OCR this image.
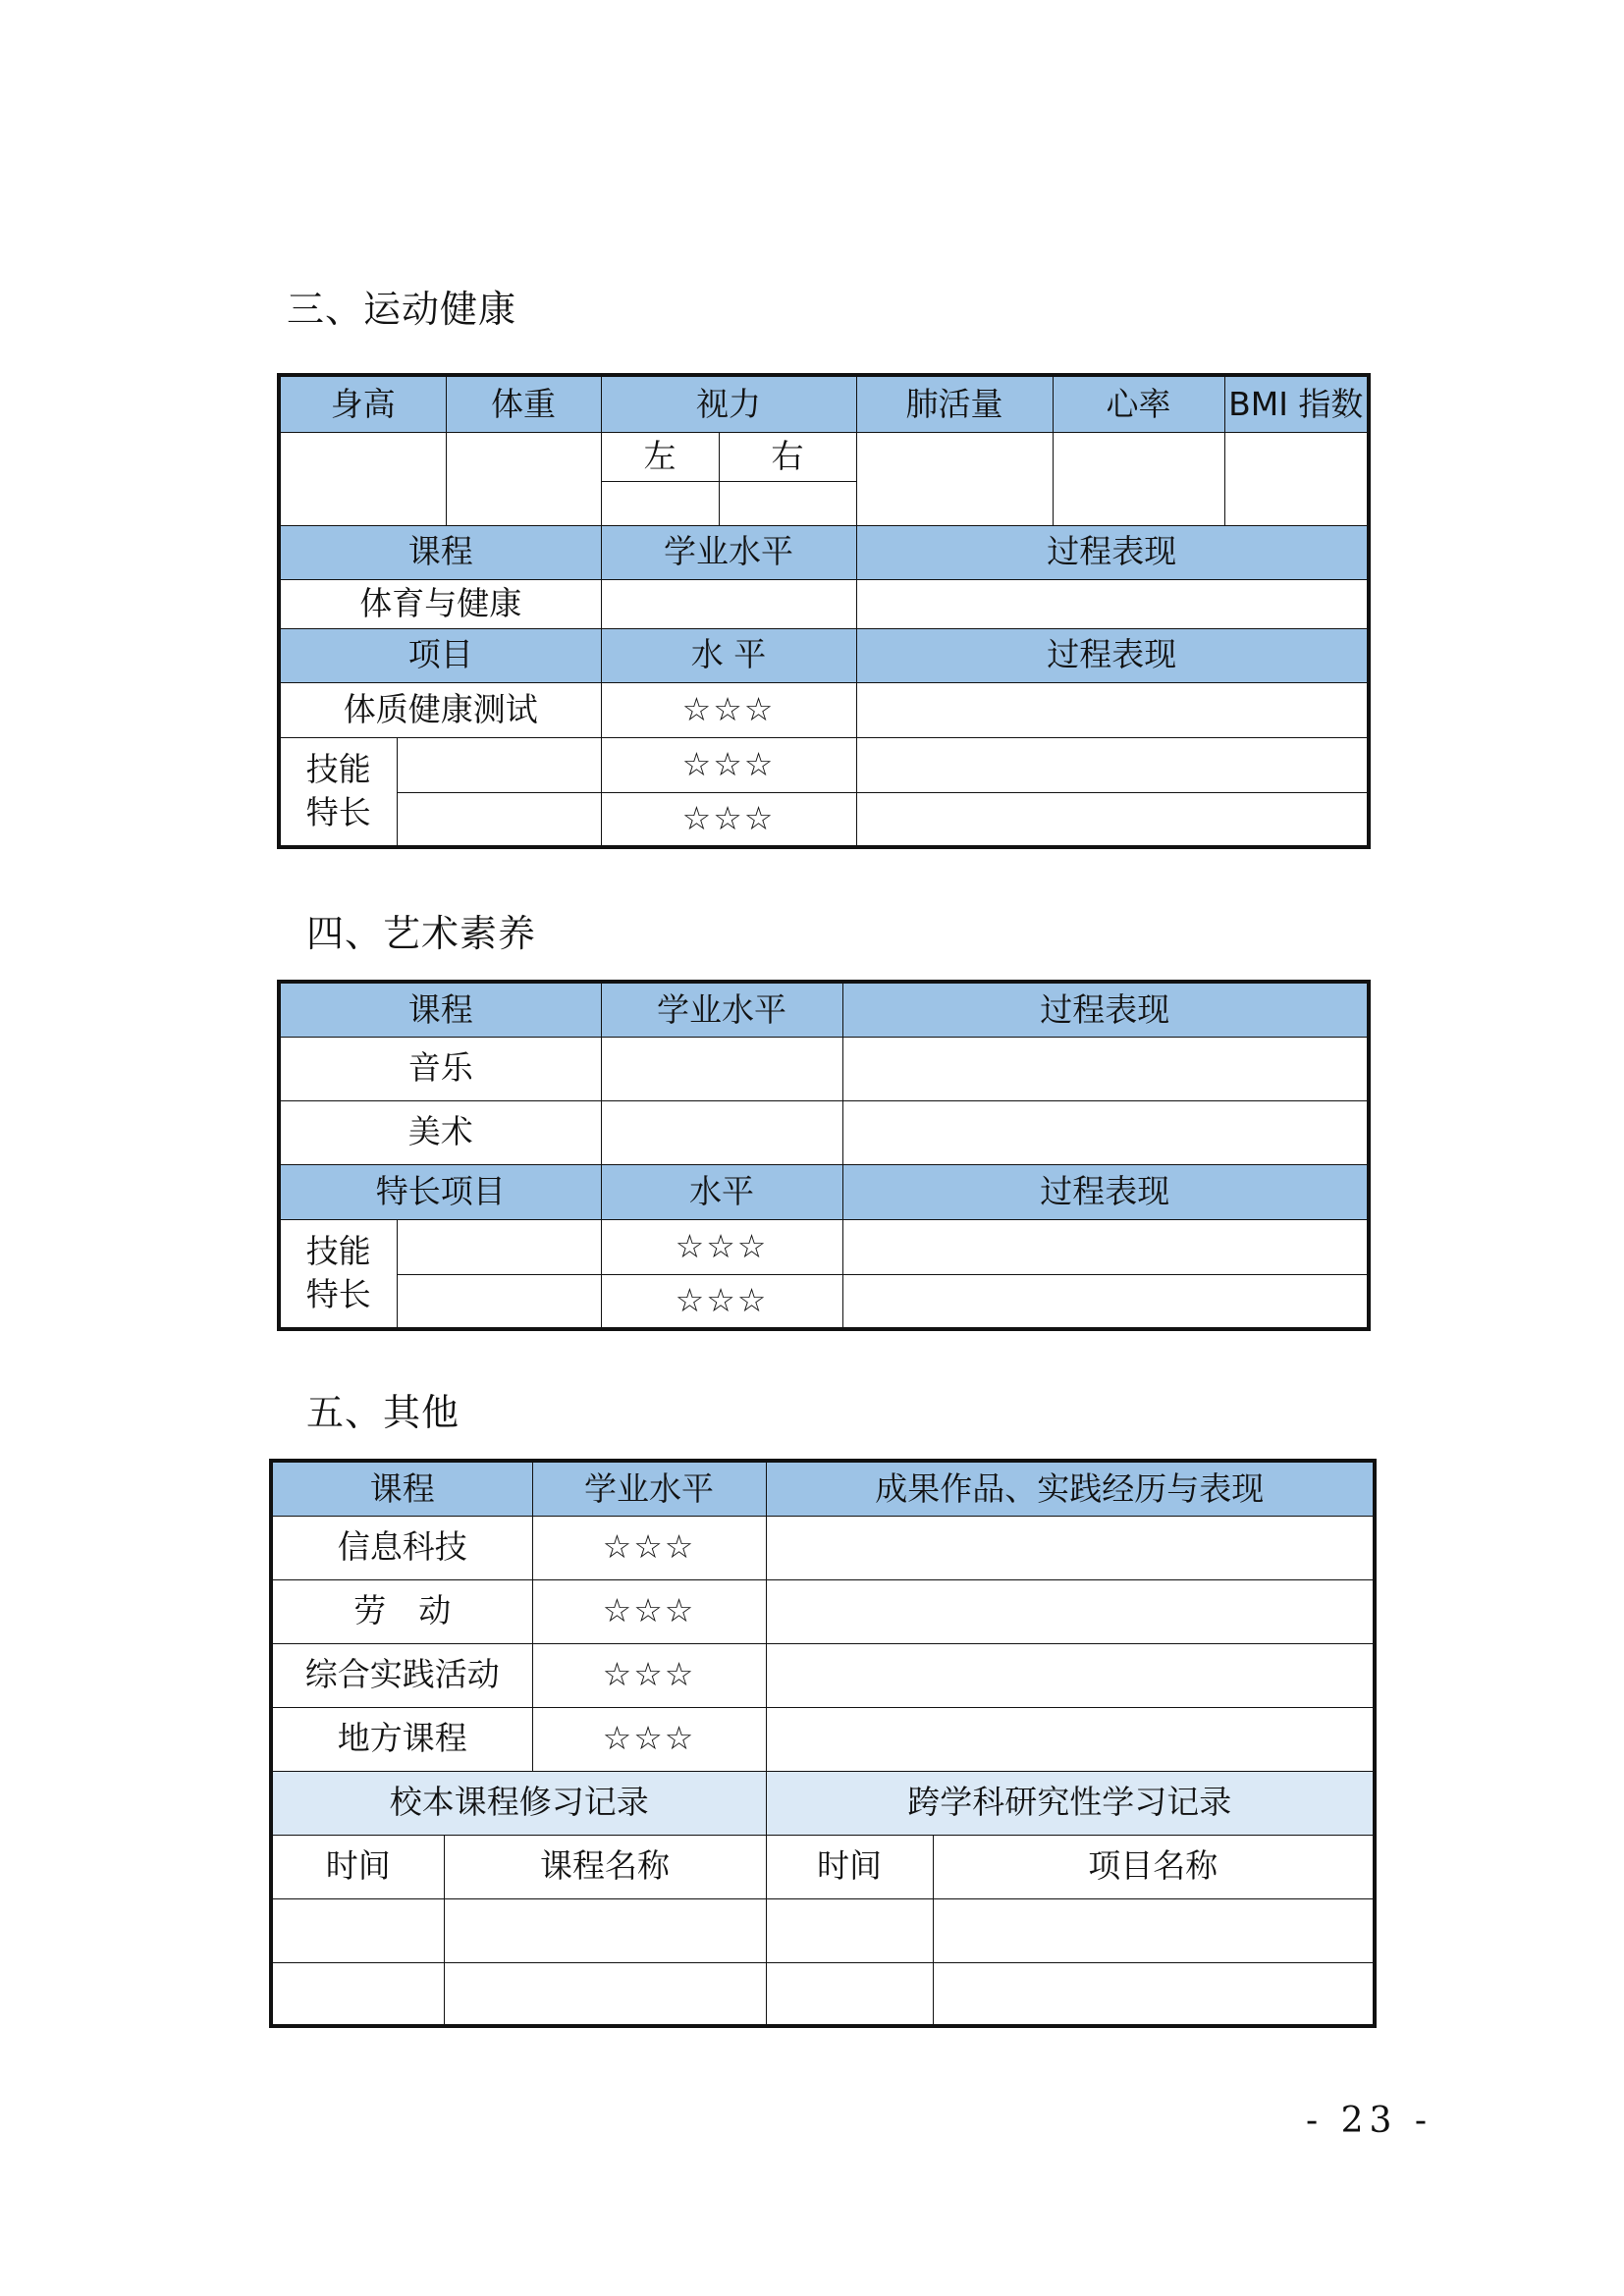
三、运动健康
身高		体重	视力		肺活量	心率	BMI 指数
			左	右			

课程			学业水平		过程表现		
体育与健康							
项目			水 平		过程表现		
体质健康测试			☆☆☆				

技能
特长			☆☆☆				
			☆☆☆				
四、艺术素养
课程		学业水平	过程表现
音乐			
美术			
特长项目		水平	过程表现

技能
特长		☆☆☆	
		☆☆☆	
五、其他
课程		学业水平	成果作品、实践经历与表现	
信息科技		☆☆☆		
劳　动		☆☆☆		
综合实践活动		☆☆☆		
地方课程		☆☆☆		
校本课程修习记录			跨学科研究性学习记录	
时间	课程名称		时间	项目名称

- 23 -
